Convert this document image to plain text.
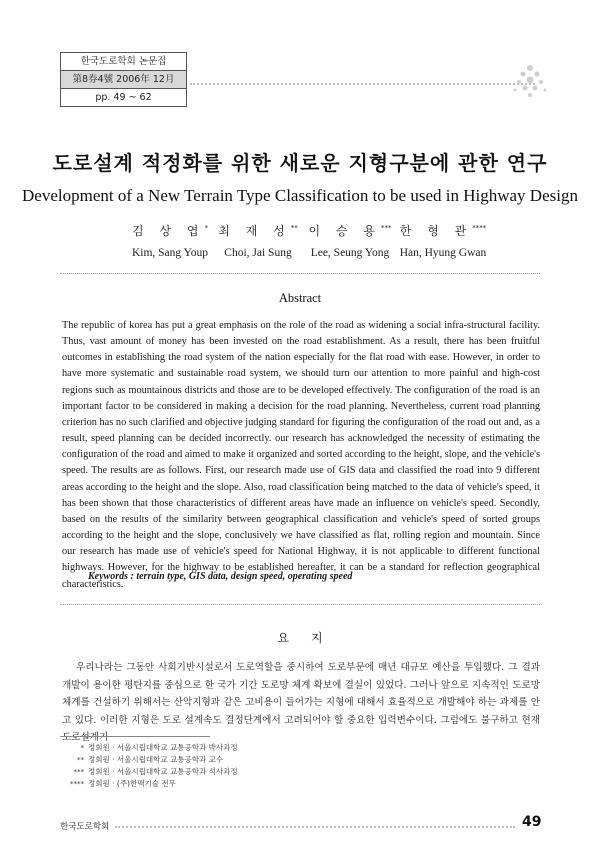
한국도로학회 논문집
第8券4號 2006年 12月
pp. 49 ~ 62
도로설계 적정화를 위한 새로운 지형구분에 관한 연구
Development of a New Terrain Type Classification to be used in Highway Design
김 상 엽*
Kim, Sang Youp
최 재 성**
Choi, Jai Sung
이 승 용***
Lee, Seung Yong
한 형 관****
Han, Hyung Gwan
Abstract
The republic of korea has put a great emphasis on the role of the road as widening a social infra-structural facility. Thus, vast amount of money has been invested on the road establishment. As a result, there has been fruitful outcomes in establishing the road system of the nation especially for the flat road with ease. However, in order to have more systematic and sustainable road system, we should turn our attention to more painful and high-cost regions such as mountainous districts and those are to be developed effectively. The configuration of the road is an important factor to be considered in making a decision for the road planning. Nevertheless, current road planning criterion has no such clarified and objective judging standard for figuring the configuration of the road out and, as a result, speed planning can be decided incorrectly. our research has acknowledged the necessity of estimating the configuration of the road and aimed to make it organized and sorted according to the height, slope, and the vehicle's speed. The results are as follows. First, our research made use of GIS data and classified the road into 9 different areas according to the height and the slope. Also, road classification being matched to the data of vehicle's speed, it has been shown that those characteristics of different areas have made an influence on vehicle's speed. Secondly, based on the results of the similarity between geographical classification and vehicle's speed of sorted groups according to the height and the slope, conclusively we have classified as flat, rolling region and mountain. Since our research has made use of vehicle's speed for National Highway, it is not applicable to different functional highways. However, for the highway to be established hereafter, it can be a standard for reflection geographical characteristics.
Keywords : terrain type, GIS data, design speed, operating speed
요지
우리나라는 그동안 사회기반시설로서 도로역할을 중시하여 도로부문에 매년 대규모 예산을 투입했다. 그 결과 개발이 용이한 평탄지를 중심으로 한 국가 기간 도로망 체계 확보에 결실이 있었다. 그러나 앞으로 지속적인 도로망 체계를 건설하기 위해서는 산악지형과 같은 고비용이 들어가는 지형에 대해서 효율적으로 개발해야 하는 과제를 안고 있다. 이러한 지형은 도로 설계속도 결정단계에서 고려되어야 할 중요한 입력변수이다. 그럼에도 불구하고 현재 도로설계기
* 정회원 · 서울시립대학교 교통공학과 박사과정
** 정회원 · 서울시립대학교 교통공학과 교수
*** 정회원 · 서울시립대학교 교통공학과 석사과정
**** 정회원 · (주)한맥기술 전무
한국도로학회	49
